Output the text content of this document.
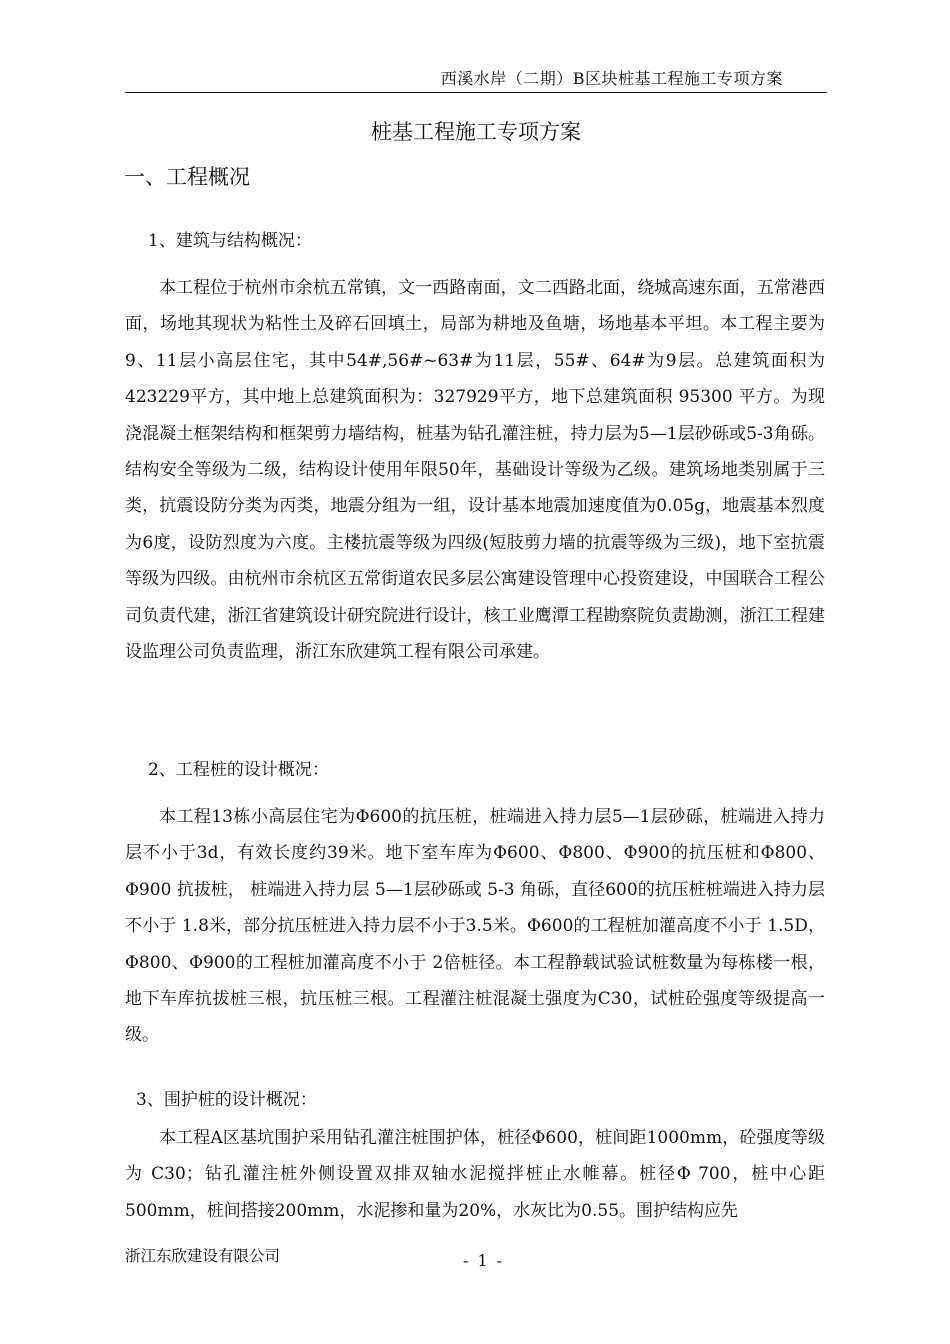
西溪水岸（二期）B区块桩基工程施工专项方案
桩基工程施工专项方案
一、工程概况
1、建筑与结构概况：
本工程位于杭州市余杭五常镇，文一西路南面，文二西路北面，绕城高速东面，五常港西面，场地其现状为粘性土及碎石回填土，局部为耕地及鱼塘，场地基本平坦。本工程主要为9、11层小高层住宅，其中54#,56#~63#为11层，55#、64#为9层。总建筑面积为423229平方，其中地上总建筑面积为：327929平方，地下总建筑面积 95300 平方。为现浇混凝土框架结构和框架剪力墙结构，桩基为钻孔灌注桩，持力层为5—1层砂砾或5-3角砾。结构安全等级为二级，结构设计使用年限50年，基础设计等级为乙级。建筑场地类别属于三类，抗震设防分类为丙类，地震分组为一组，设计基本地震加速度值为0.05g，地震基本烈度为6度，设防烈度为六度。主楼抗震等级为四级(短肢剪力墙的抗震等级为三级)，地下室抗震等级为四级。由杭州市余杭区五常街道农民多层公寓建设管理中心投资建设，中国联合工程公司负责代建，浙江省建筑设计研究院进行设计，核工业鹰潭工程勘察院负责勘测，浙江工程建设监理公司负责监理，浙江东欣建筑工程有限公司承建。
2、工程桩的设计概况：
本工程13栋小高层住宅为Φ600的抗压桩，桩端进入持力层5—1层砂砾，桩端进入持力层不小于3d，有效长度约39米。地下室车库为Φ600、Φ800、Φ900的抗压桩和Φ800、Φ900 抗拔桩， 桩端进入持力层 5—1层砂砾或 5-3 角砾，直径600的抗压桩桩端进入持力层不小于 1.8米，部分抗压桩进入持力层不小于3.5米。Φ600的工程桩加灌高度不小于 1.5D，Φ800、Φ900的工程桩加灌高度不小于 2倍桩径。本工程静载试验试桩数量为每栋楼一根，地下车库抗拔桩三根，抗压桩三根。工程灌注桩混凝土强度为C30，试桩砼强度等级提高一级。
3、围护桩的设计概况：
本工程A区基坑围护采用钻孔灌注桩围护体，桩径Φ600，桩间距1000mm，砼强度等级为 C30；钻孔灌注桩外侧设置双排双轴水泥搅拌桩止水帷幕。桩径Φ 700，桩中心距 500mm，桩间搭接200mm，水泥掺和量为20%，水灰比为0.55。围护结构应先
浙江东欣建设有限公司	- 1 -
